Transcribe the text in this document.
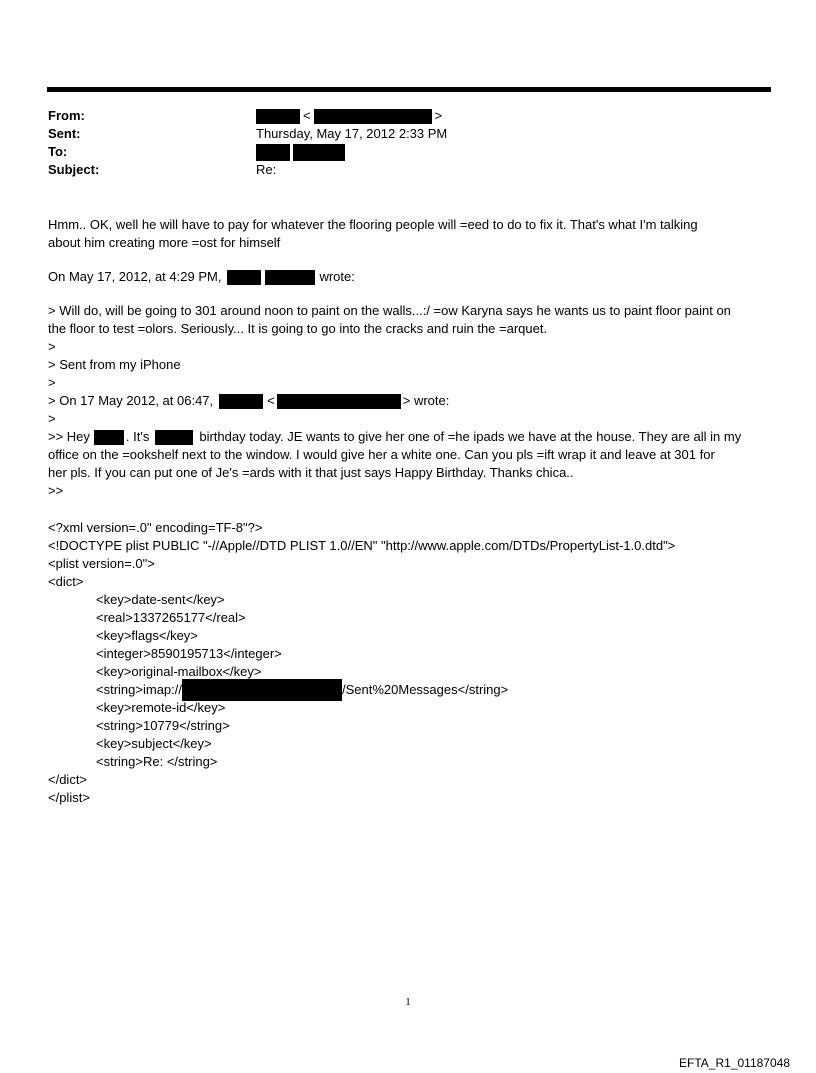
From:	<	>
Sent:	Thursday, May 17, 2012 2:33 PM
To:
Subject:	Re:
Hmm.. OK, well he will have to pay for whatever the flooring people will =eed to do to fix it. That's what I'm talking
about him creating more =ost for himself
On May 17, 2012, at 4:29 PM,	wrote:
> Will do, will be going to 301 around noon to paint on the walls...:/ =ow Karyna says he wants us to paint floor paint on
the floor to test =olors. Seriously... It is going to go into the cracks and ruin the =arquet.
>
> Sent from my iPhone
>
> On 17 May 2012, at 06:47,	<	> wrote:
>
>> Hey	. It's	birthday today. JE wants to give her one of =he ipads we have at the house. They are all in my
office on the =ookshelf next to the window. I would give her a white one. Can you pls =ift wrap it and leave at 301 for
her pls. If you can put one of Je's =ards with it that just says Happy Birthday. Thanks chica..
>>
<?xml version=.0" encoding=TF-8"?>
<!DOCTYPE plist PUBLIC "-//Apple//DTD PLIST 1.0//EN" "http://www.apple.com/DTDs/PropertyList-1.0.dtd">
<plist version=.0">
<dict>
<key>date-sent</key>
<real>1337265177</real>
<key>flags</key>
<integer>8590195713</integer>
<key>original-mailbox</key>
<string>imap://	/Sent%20Messages</string>
<key>remote-id</key>
<string>10779</string>
<key>subject</key>
<string>Re: </string>
</dict>
</plist>
1
EFTA_R1_01187048
